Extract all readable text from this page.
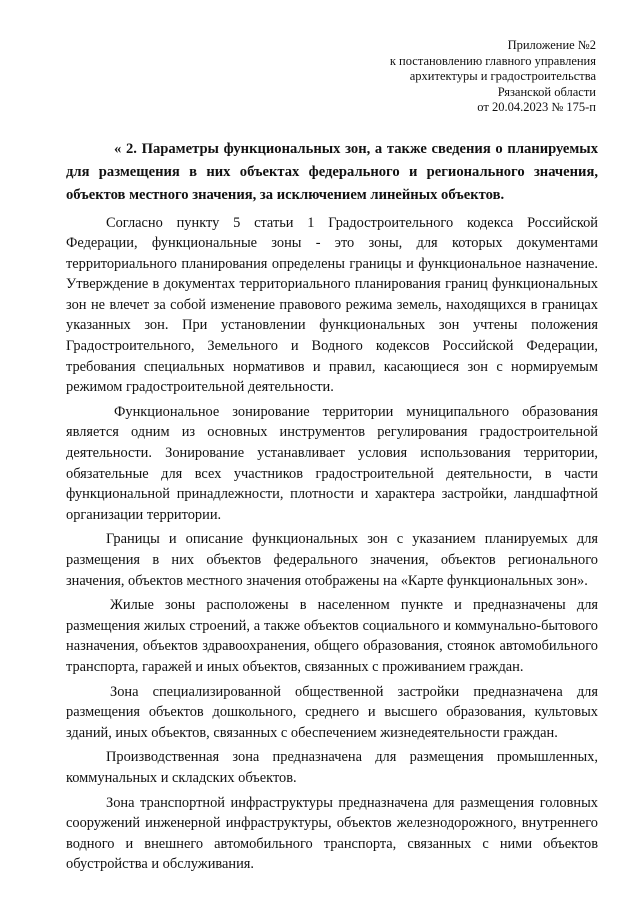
Приложение №2
к постановлению главного управления
архитектуры и градостроительства
Рязанской области
от 20.04.2023 № 175-п
« 2. Параметры функциональных зон, а также сведения о планируемых для размещения в них объектах федерального и регионального значения, объектов местного значения, за исключением линейных объектов.

Согласно пункту 5 статьи 1 Градостроительного кодекса Российской Федерации, функциональные зоны - это зоны, для которых документами территориального планирования определены границы и функциональное назначение. Утверждение в документах территориального планирования границ функциональных зон не влечет за собой изменение правового режима земель, находящихся в границах указанных зон. При установлении функциональных зон учтены положения Градостроительного, Земельного и Водного кодексов Российской Федерации, требования специальных нормативов и правил, касающиеся зон с нормируемым режимом градостроительной деятельности.

Функциональное зонирование территории муниципального образования является одним из основных инструментов регулирования градостроительной деятельности. Зонирование устанавливает условия использования территории, обязательные для всех участников градостроительной деятельности, в части функциональной принадлежности, плотности и характера застройки, ландшафтной организации территории.

Границы и описание функциональных зон с указанием планируемых для размещения в них объектов федерального значения, объектов регионального значения, объектов местного значения отображены на «Карте функциональных зон».

Жилые зоны расположены в населенном пункте и предназначены для размещения жилых строений, а также объектов социального и коммунально-бытового назначения, объектов здравоохранения, общего образования, стоянок автомобильного транспорта, гаражей и иных объектов, связанных с проживанием граждан.

Зона специализированной общественной застройки предназначена для размещения объектов дошкольного, среднего и высшего образования, культовых зданий, иных объектов, связанных с обеспечением жизнедеятельности граждан.

Производственная зона предназначена для размещения промышленных, коммунальных и складских объектов.

Зона транспортной инфраструктуры предназначена для размещения головных сооружений инженерной инфраструктуры, объектов железнодорожного, внутреннего водного и внешнего автомобильного транспорта, связанных с ними объектов обустройства и обслуживания.
